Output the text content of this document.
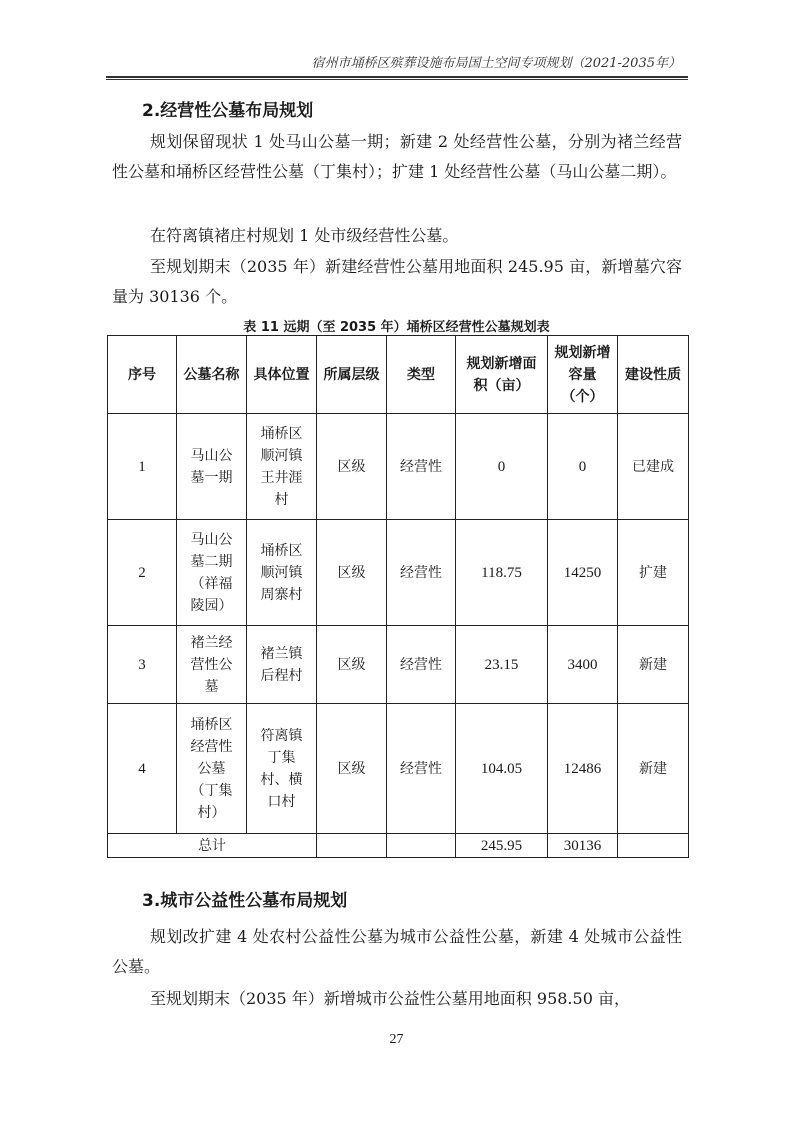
宿州市埇桥区殡葬设施布局国土空间专项规划（2021-2035年）
2.经营性公墓布局规划

规划保留现状 1 处马山公墓一期；新建 2 处经营性公墓，分别为褚兰经营性公墓和埇桥区经营性公墓（丁集村）；扩建 1 处经营性公墓（马山公墓二期）。

在符离镇褚庄村规划 1 处市级经营性公墓。

至规划期末（2035 年）新建经营性公墓用地面积 245.95 亩，新增墓穴容量为 30136 个。

表 11 远期（至 2035 年）埇桥区经营性公墓规划表
序号	公墓名称	具体位置	所属层级	类型	规划新增面积（亩）	规划新增容量（个）	建设性质

1	马山公墓一期	埇桥区顺河镇王井涯村	区级	经营性	0	0	已建成
2	马山公墓二期（祥福陵园）	埇桥区顺河镇周寨村	区级	经营性	118.75	14250	扩建
3	褚兰经营性公墓	褚兰镇后程村	区级	经营性	23.15	3400	新建
4	埇桥区经营性公墓（丁集村）	符离镇丁集村、横口村	区级	经营性	104.05	12486	新建
总计					245.95	30136	
3.城市公益性公墓布局规划

规划改扩建 4 处农村公益性公墓为城市公益性公墓，新建 4 处城市公益性公墓。

至规划期末（2035 年）新增城市公益性公墓用地面积 958.50 亩，

27
